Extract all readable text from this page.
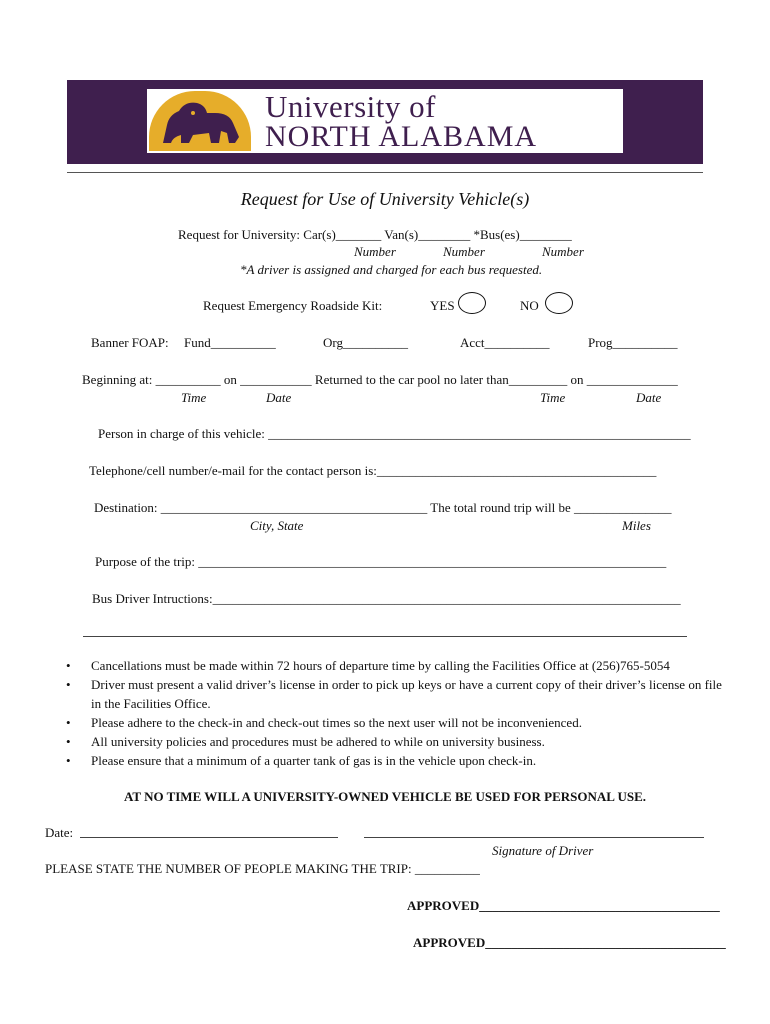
University of
NORTH ALABAMA
Request for Use of University Vehicle(s)
Request for University: Car(s)_______ Van(s)________ *Bus(es)________
Number	Number	Number
*A driver is assigned and charged for each bus requested.
Request Emergency Roadside Kit:	YES	NO
Banner FOAP: Fund__________	Org__________	Acct__________	Prog__________
Beginning at: __________ on ___________ Returned to the car pool no later than_________ on ______________
Time	Date	Time	Date
Person in charge of this vehicle: _________________________________________________________________
Telephone/cell number/e-mail for the contact person is:___________________________________________
Destination: _________________________________________ The total round trip will be _______________
City, State	Miles
Purpose of the trip: ________________________________________________________________________
Bus Driver Intructions:________________________________________________________________________
• Cancellations must be made within 72 hours of departure time by calling the Facilities Office at (256)765-5054
• Driver must present a valid driver’s license in order to pick up keys or have a current copy of their driver’s license on file in the Facilities Office.
• Please adhere to the check-in and check-out times so the next user will not be inconvenienced.
• All university policies and procedures must be adhered to while on university business.
• Please ensure that a minimum of a quarter tank of gas is in the vehicle upon check-in.
AT NO TIME WILL A UNIVERSITY-OWNED VEHICLE BE USED FOR PERSONAL USE.
Date:
Signature of Driver
PLEASE STATE THE NUMBER OF PEOPLE MAKING THE TRIP: __________
APPROVED_____________________________________
APPROVED_____________________________________
